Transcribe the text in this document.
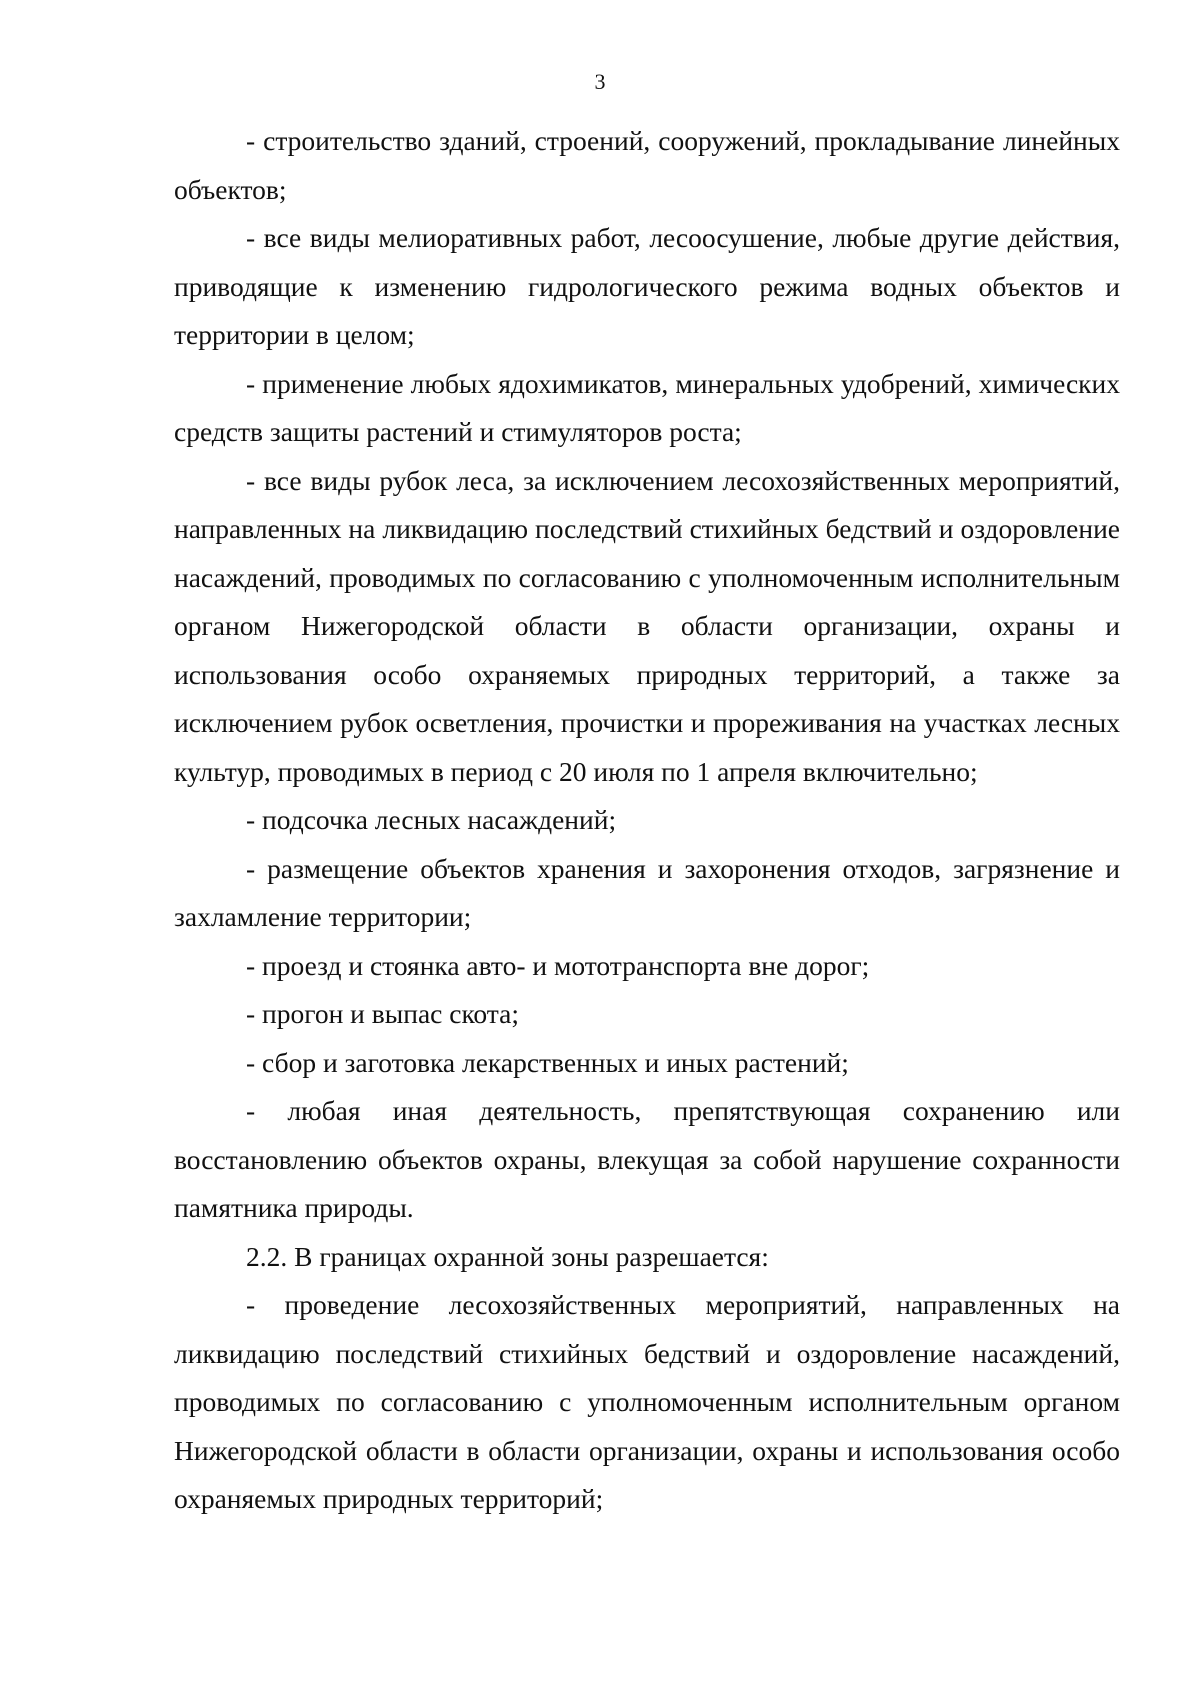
3

- строительство зданий, строений, сооружений, прокладывание линейных объектов;

- все виды мелиоративных работ, лесоосушение, любые другие действия, приводящие к изменению гидрологического режима водных объектов и территории в целом;

- применение любых ядохимикатов, минеральных удобрений, химических средств защиты растений и стимуляторов роста;

- все виды рубок леса, за исключением лесохозяйственных мероприятий, направленных на ликвидацию последствий стихийных бедствий и оздоровление насаждений, проводимых по согласованию с уполномоченным исполнительным органом Нижегородской области в области организации, охраны и использования особо охраняемых природных территорий, а также за исключением рубок осветления, прочистки и прореживания на участках лесных культур, проводимых в период с 20 июля по 1 апреля включительно;

- подсочка лесных насаждений;

- размещение объектов хранения и захоронения отходов, загрязнение и захламление территории;

- проезд и стоянка авто- и мототранспорта вне дорог;

- прогон и выпас скота;

- сбор и заготовка лекарственных и иных растений;

- любая иная деятельность, препятствующая сохранению или восстановлению объектов охраны, влекущая за собой нарушение сохранности памятника природы.

2.2. В границах охранной зоны разрешается:

- проведение лесохозяйственных мероприятий, направленных на ликвидацию последствий стихийных бедствий и оздоровление насаждений, проводимых по согласованию с уполномоченным исполнительным органом Нижегородской области в области организации, охраны и использования особо охраняемых природных территорий;
